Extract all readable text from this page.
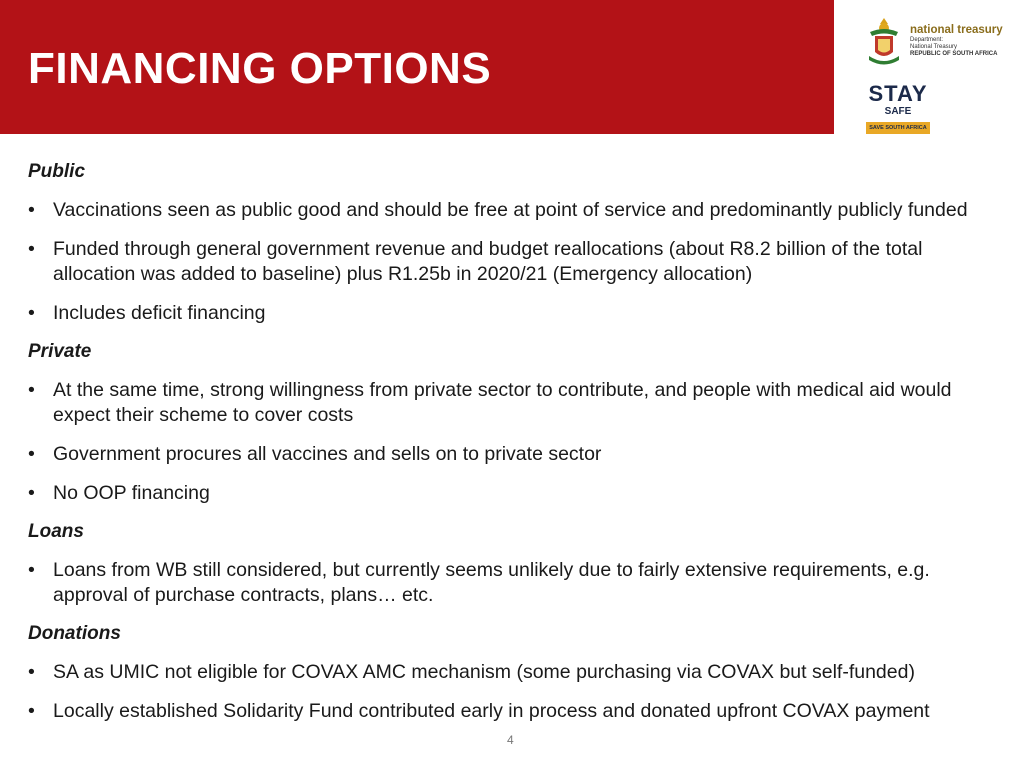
FINANCING OPTIONS
national treasury
Department:
National Treasury
REPUBLIC OF SOUTH AFRICA
STAY
SAFE
SAVE SOUTH AFRICA
Public
• Vaccinations seen as public good and should be free at point of service and predominantly publicly funded
• Funded through general government revenue and budget reallocations (about R8.2 billion of the total allocation was added to baseline) plus R1.25b in 2020/21 (Emergency allocation)
• Includes deficit financing
Private
• At the same time, strong willingness from private sector to contribute, and people with medical aid would expect their scheme to cover costs
• Government procures all vaccines and sells on to private sector
• No OOP financing
Loans
• Loans from WB still considered, but currently seems unlikely due to fairly extensive requirements, e.g. approval of purchase contracts, plans… etc.
Donations
• SA as UMIC not eligible for COVAX AMC mechanism (some purchasing via COVAX but self-funded)
• Locally established Solidarity Fund contributed early in process and donated upfront COVAX payment
4
